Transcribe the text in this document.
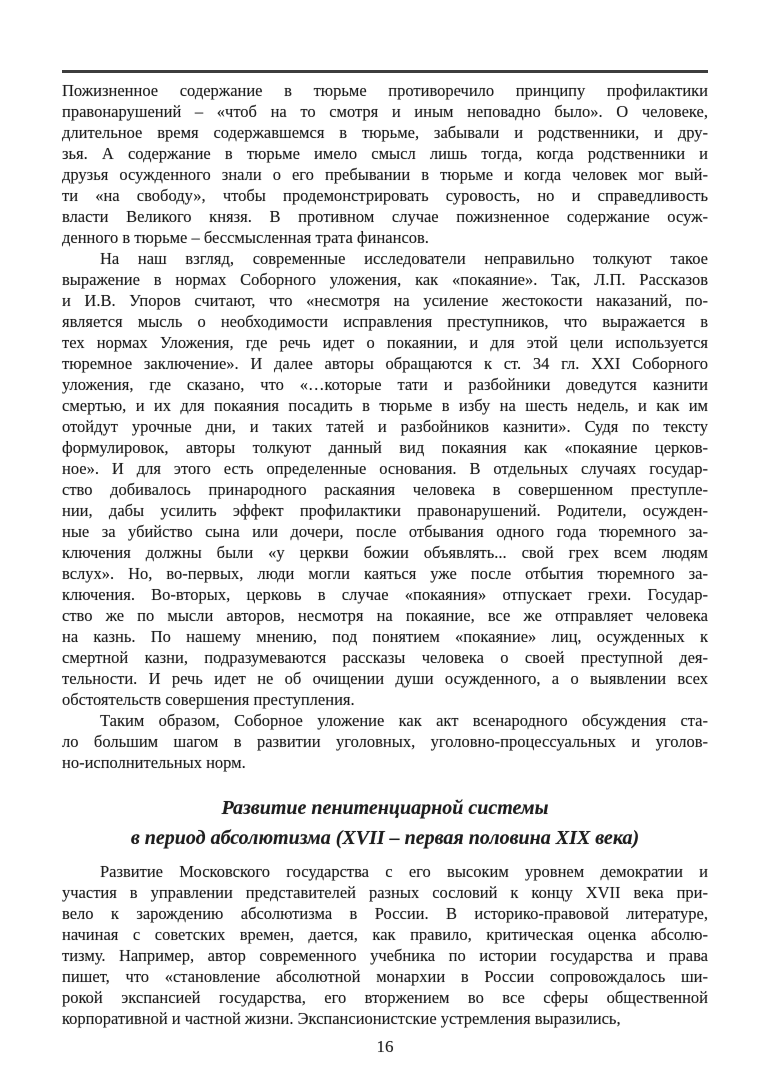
Пожизненное содержание в тюрьме противоречило принципу профилактики
правонарушений – «чтоб на то смотря и иным неповадно было». О человеке,
длительное время содержавшемся в тюрьме, забывали и родственники, и дру-
зья. А содержание в тюрьме имело смысл лишь тогда, когда родственники и
друзья осужденного знали о его пребывании в тюрьме и когда человек мог вый-
ти «на свободу», чтобы продемонстрировать суровость, но и справедливость
власти Великого князя. В противном случае пожизненное содержание осуж-
денного в тюрьме – бессмысленная трата финансов.
На наш взгляд, современные исследователи неправильно толкуют такое
выражение в нормах Соборного уложения, как «покаяние». Так, Л.П. Рассказов
и И.В. Упоров считают, что «несмотря на усиление жестокости наказаний, по-
является мысль о необходимости исправления преступников, что выражается в
тех нормах Уложения, где речь идет о покаянии, и для этой цели используется
тюремное заключение». И далее авторы обращаются к ст. 34 гл. XXI Соборного
уложения, где сказано, что «…которые тати и разбойники доведутся казнити
смертью, и их для покаяния посадить в тюрьме в избу на шесть недель, и как им
отойдут урочные дни, и таких татей и разбойников казнити». Судя по тексту
формулировок, авторы толкуют данный вид покаяния как «покаяние церков-
ное». И для этого есть определенные основания. В отдельных случаях государ-
ство добивалось принародного раскаяния человека в совершенном преступле-
нии, дабы усилить эффект профилактики правонарушений. Родители, осужден-
ные за убийство сына или дочери, после отбывания одного года тюремного за-
ключения должны были «у церкви божии объявлять... свой грех всем людям
вслух». Но, во-первых, люди могли каяться уже после отбытия тюремного за-
ключения. Во-вторых, церковь в случае «покаяния» отпускает грехи. Государ-
ство же по мысли авторов, несмотря на покаяние, все же отправляет человека
на казнь. По нашему мнению, под понятием «покаяние» лиц, осужденных к
смертной казни, подразумеваются рассказы человека о своей преступной дея-
тельности. И речь идет не об очищении души осужденного, а о выявлении всех
обстоятельств совершения преступления.
Таким образом, Соборное уложение как акт всенародного обсуждения ста-
ло большим шагом в развитии уголовных, уголовно-процессуальных и уголов-
но-исполнительных норм.
Развитие пенитенциарной системы
в период абсолютизма (XVII – первая половина XIX века)
Развитие Московского государства с его высоким уровнем демократии и
участия в управлении представителей разных сословий к концу XVII века при-
вело к зарождению абсолютизма в России. В историко-правовой литературе,
начиная с советских времен, дается, как правило, критическая оценка абсолю-
тизму. Например, автор современного учебника по истории государства и права
пишет, что «становление абсолютной монархии в России сопровождалось ши-
рокой экспансией государства, его вторжением во все сферы общественной
корпоративной и частной жизни. Экспансионистские устремления выразились,
16
